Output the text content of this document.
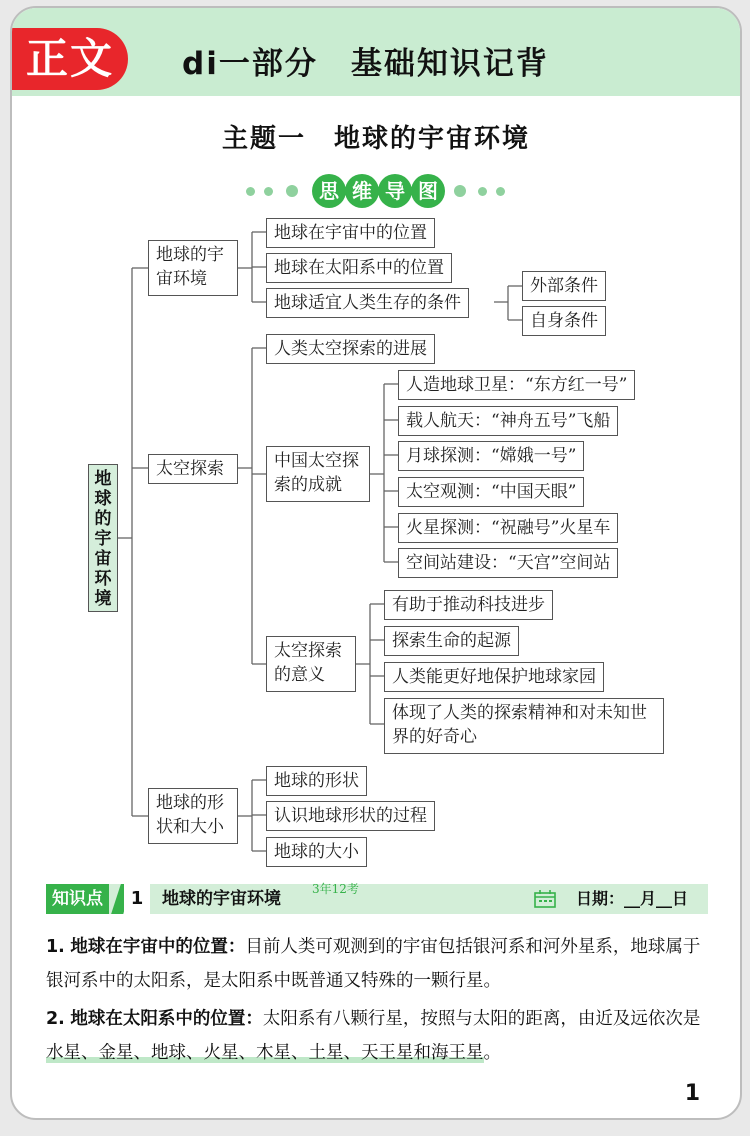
正文	di一部分　基础知识记背
主题一　地球的宇宙环境
思 维 导 图
地
球
的
宇
宙
环
境
地球的宇宙环境
太空探索
地球的形状和大小
地球在宇宙中的位置
地球在太阳系中的位置
地球适宜人类生存的条件
外部条件
自身条件
人类太空探索的进展
中国太空探索的成就
人造地球卫星：“东方红一号”
载人航天：“神舟五号”飞船
月球探测：“嫦娥一号”
太空观测：“中国天眼”
火星探测：“祝融号”火星车
空间站建设：“天宫”空间站
太空探索的意义
有助于推动科技进步
探索生命的起源
人类能更好地保护地球家园
体现了人类的探索精神和对未知世界的好奇心
地球的形状
认识地球形状的过程
地球的大小
知识点	1	地球的宇宙环境	3年12考	日期：__月__日
1. 地球在宇宙中的位置：目前人类可观测到的宇宙包括银河系和河外星系，地球属于银河系中的太阳系，是太阳系中既普通又特殊的一颗行星。
2. 地球在太阳系中的位置：太阳系有八颗行星，按照与太阳的距离，由近及远依次是水星、金星、地球、火星、木星、土星、天王星和海王星。
1
